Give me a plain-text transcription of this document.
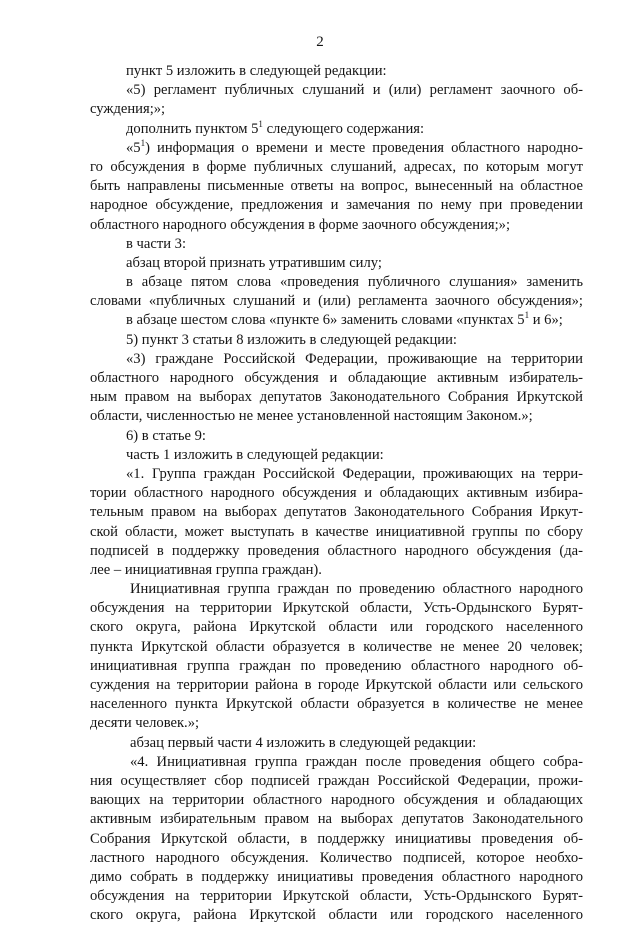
2
пункт 5 изложить в следующей редакции:
«5) регламент публичных слушаний и (или) регламент заочного об-
суждения;»;
дополнить пунктом $5^1$ следующего содержания:
«$5^1$) информация о времени и месте проведения областного народно-
го обсуждения в форме публичных слушаний, адресах, по которым могут
быть направлены письменные ответы на вопрос, вынесенный на областное
народное обсуждение, предложения и замечания по нему при проведении
областного народного обсуждения в форме заочного обсуждения;»;
в части 3:
абзац второй признать утратившим силу;
в абзаце пятом слова «проведения публичного слушания» заменить
словами «публичных слушаний и (или) регламента заочного обсуждения»;
в абзаце шестом слова «пункте 6» заменить словами «пунктах $5^1$ и 6»;
5) пункт 3 статьи 8 изложить в следующей редакции:
«3) граждане Российской Федерации, проживающие на территории
областного народного обсуждения и обладающие активным избиратель-
ным правом на выборах депутатов Законодательного Собрания Иркутской
области, численностью не менее установленной настоящим Законом.»;
6) в статье 9:
часть 1 изложить в следующей редакции:
«1. Группа граждан Российской Федерации, проживающих на терри-
тории областного народного обсуждения и обладающих активным избира-
тельным правом на выборах депутатов Законодательного Собрания Иркут-
ской области, может выступать в качестве инициативной группы по сбору
подписей в поддержку проведения областного народного обсуждения (да-
лее – инициативная группа граждан).
Инициативная группа граждан по проведению областного народного
обсуждения на территории Иркутской области, Усть-Ордынского Бурят-
ского округа, района Иркутской области или городского населенного
пункта Иркутской области образуется в количестве не менее 20 человек;
инициативная группа граждан по проведению областного народного об-
суждения на территории района в городе Иркутской области или сельского
населенного пункта Иркутской области образуется в количестве не менее
десяти человек.»;
абзац первый части 4 изложить в следующей редакции:
«4. Инициативная группа граждан после проведения общего собра-
ния осуществляет сбор подписей граждан Российской Федерации, прожи-
вающих на территории областного народного обсуждения и обладающих
активным избирательным правом на выборах депутатов Законодательного
Собрания Иркутской области, в поддержку инициативы проведения об-
ластного народного обсуждения. Количество подписей, которое необхо-
димо собрать в поддержку инициативы проведения областного народного
обсуждения на территории Иркутской области, Усть-Ордынского Бурят-
ского округа, района Иркутской области или городского населенного
